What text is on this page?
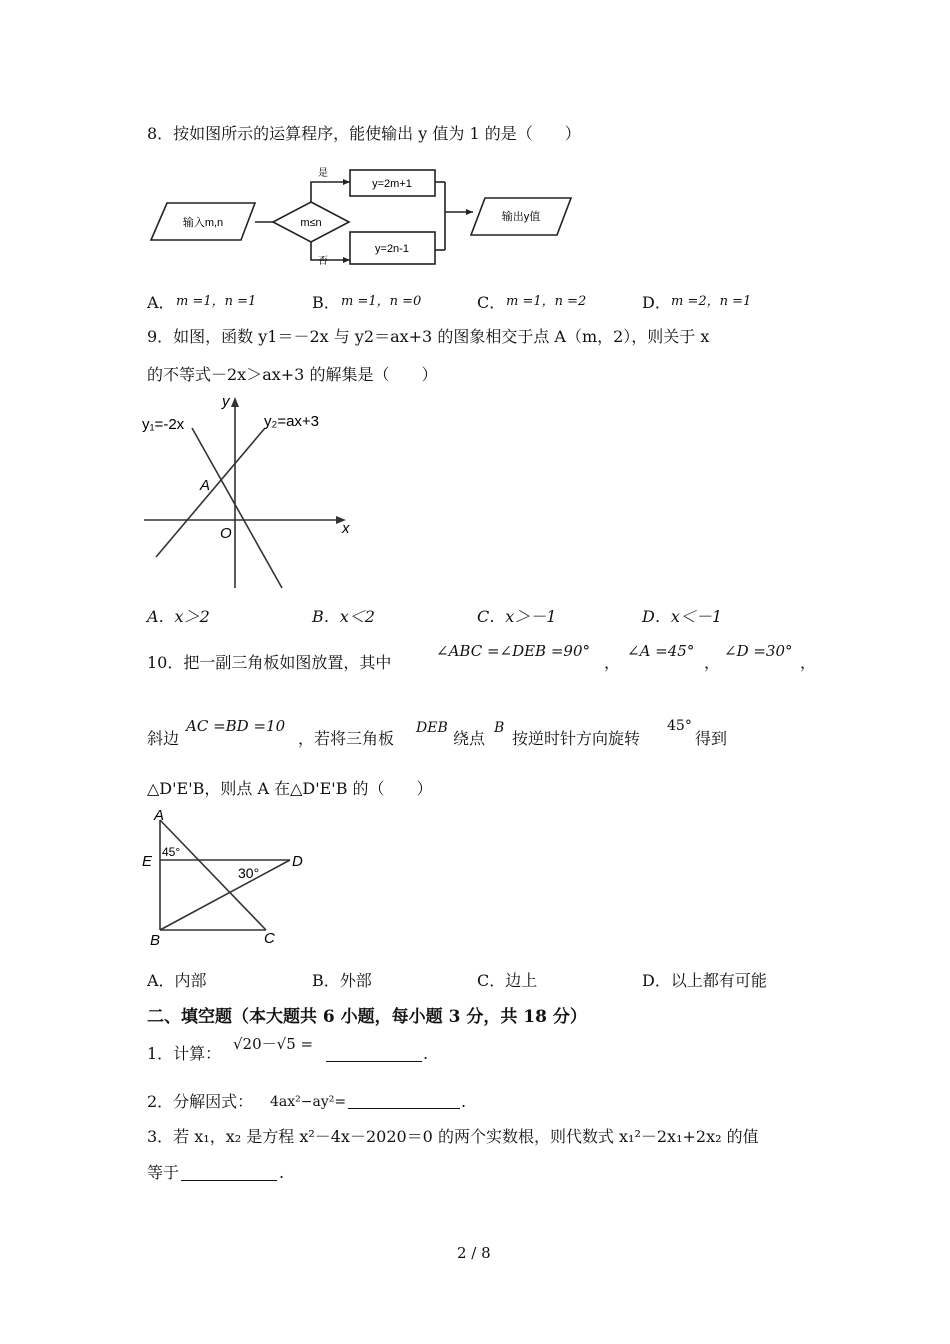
8．按如图所示的运算程序，能使输出 y 值为 1 的是（　　）
输入m,n	m≤n
是
否
y=2m+1
y=2n-1
输出y值
A． m =1，n =1	B． m =1，n =0	C． m =1，n =2	D． m =2，n =1
9．如图，函数 y1＝－2x 与 y2＝ax+3 的图象相交于点 A（m，2），则关于 x
的不等式－2x＞ax+3 的解集是（　　）
y₁=-2x	y₂=ax+3
A
O	x
y
A．x＞2	B．x＜2	C．x＞－1	D．x＜－1
10．把一副三角板如图放置，其中
∠ABC =∠DEB =90°
，
∠A =45°
，
∠D =30°
，
斜边
AC =BD =10
，若将三角板
DEB
绕点
B
按逆时针方向旋转
45°
得到
△D'E'B，则点 A 在△D'E'B 的（　　）
A
E	D
B	C
45°
30°
A．内部	B．外部	C．边上	D．以上都有可能
二、填空题（本大题共 6 小题，每小题 3 分，共 18 分）
1．计算： √20－√5 =	.
2．分解因式： 4ax²−ay²=	.
3．若 x₁，x₂ 是方程 x²－4x－2020＝0 的两个实数根，则代数式 x₁²－2x₁+2x₂ 的值
等于	.
2 / 8
